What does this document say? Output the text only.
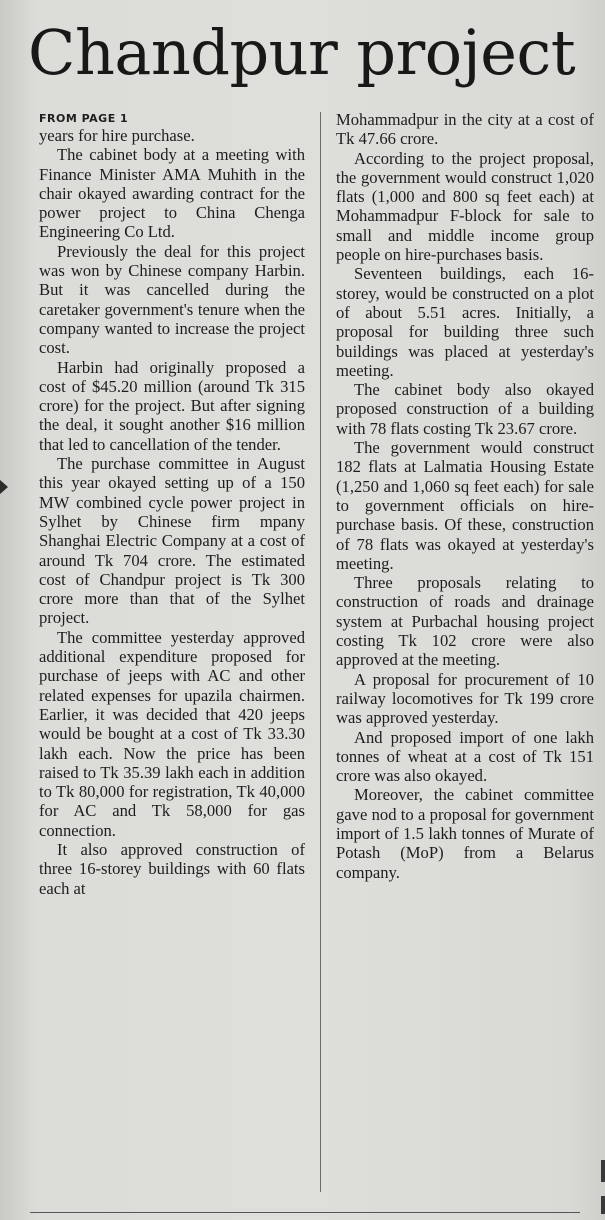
Chandpur project
FROM PAGE 1

years for hire purchase.

The cabinet body at a meeting with Finance Minister AMA Muhith in the chair okayed awarding contract for the power project to China Chenga Engineering Co Ltd.

Previously the deal for this project was won by Chinese company Harbin. But it was cancelled during the caretaker government's tenure when the company wanted to increase the project cost.

Harbin had originally proposed a cost of $45.20 million (around Tk 315 crore) for the project. But after signing the deal, it sought another $16 million that led to cancellation of the tender.

The purchase committee in August this year okayed setting up of a 150 MW combined cycle power project in Sylhet by Chinese firm mpany Shanghai Electric Company at a cost of around Tk 704 crore. The estimated cost of Chandpur project is Tk 300 crore more than that of the Sylhet project.

The committee yesterday approved additional expenditure proposed for purchase of jeeps with AC and other related expenses for upazila chairmen. Earlier, it was decided that 420 jeeps would be bought at a cost of Tk 33.30 lakh each. Now the price has been raised to Tk 35.39 lakh each in addition to Tk 80,000 for registration, Tk 40,000 for AC and Tk 58,000 for gas connection.

It also approved construction of three 16-storey buildings with 60 flats each at

Mohammadpur in the city at a cost of Tk 47.66 crore.

According to the project proposal, the government would construct 1,020 flats (1,000 and 800 sq feet each) at Mohammadpur F-block for sale to small and middle income group people on hire-purchases basis.

Seventeen buildings, each 16-storey, would be constructed on a plot of about 5.51 acres. Initially, a proposal for building three such buildings was placed at yesterday's meeting.

The cabinet body also okayed proposed construction of a building with 78 flats costing Tk 23.67 crore.

The government would construct 182 flats at Lalmatia Housing Estate (1,250 and 1,060 sq feet each) for sale to government officials on hire-purchase basis. Of these, construction of 78 flats was okayed at yesterday's meeting.

Three proposals relating to construction of roads and drainage system at Purbachal housing project costing Tk 102 crore were also approved at the meeting.

A proposal for procurement of 10 railway locomotives for Tk 199 crore was approved yesterday.

And proposed import of one lakh tonnes of wheat at a cost of Tk 151 crore was also okayed.

Moreover, the cabinet committee gave nod to a proposal for government import of 1.5 lakh tonnes of Murate of Potash (MoP) from a Belarus company.
